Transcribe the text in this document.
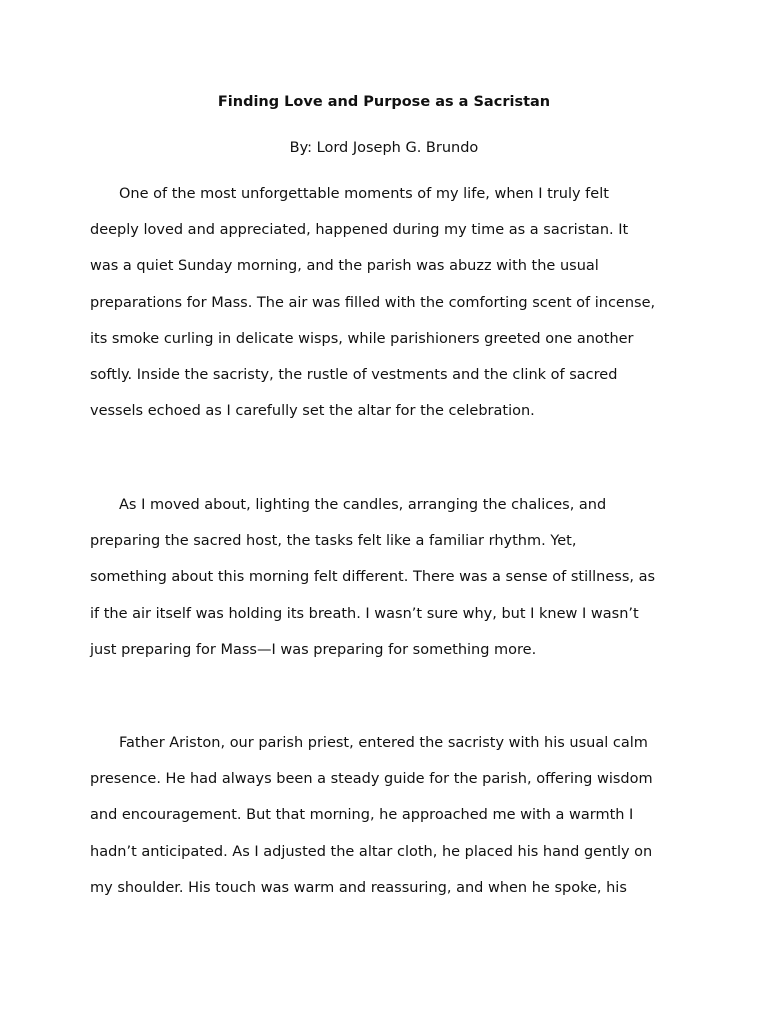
Finding Love and Purpose as a Sacristan

By: Lord Joseph G. Brundo

One of the most unforgettable moments of my life, when I truly felt
deeply loved and appreciated, happened during my time as a sacristan. It
was a quiet Sunday morning, and the parish was abuzz with the usual
preparations for Mass. The air was filled with the comforting scent of incense,
its smoke curling in delicate wisps, while parishioners greeted one another
softly. Inside the sacristy, the rustle of vestments and the clink of sacred
vessels echoed as I carefully set the altar for the celebration.

As I moved about, lighting the candles, arranging the chalices, and
preparing the sacred host, the tasks felt like a familiar rhythm. Yet,
something about this morning felt different. There was a sense of stillness, as
if the air itself was holding its breath. I wasn’t sure why, but I knew I wasn’t
just preparing for Mass—I was preparing for something more.

Father Ariston, our parish priest, entered the sacristy with his usual calm
presence. He had always been a steady guide for the parish, offering wisdom
and encouragement. But that morning, he approached me with a warmth I
hadn’t anticipated. As I adjusted the altar cloth, he placed his hand gently on
my shoulder. His touch was warm and reassuring, and when he spoke, his
